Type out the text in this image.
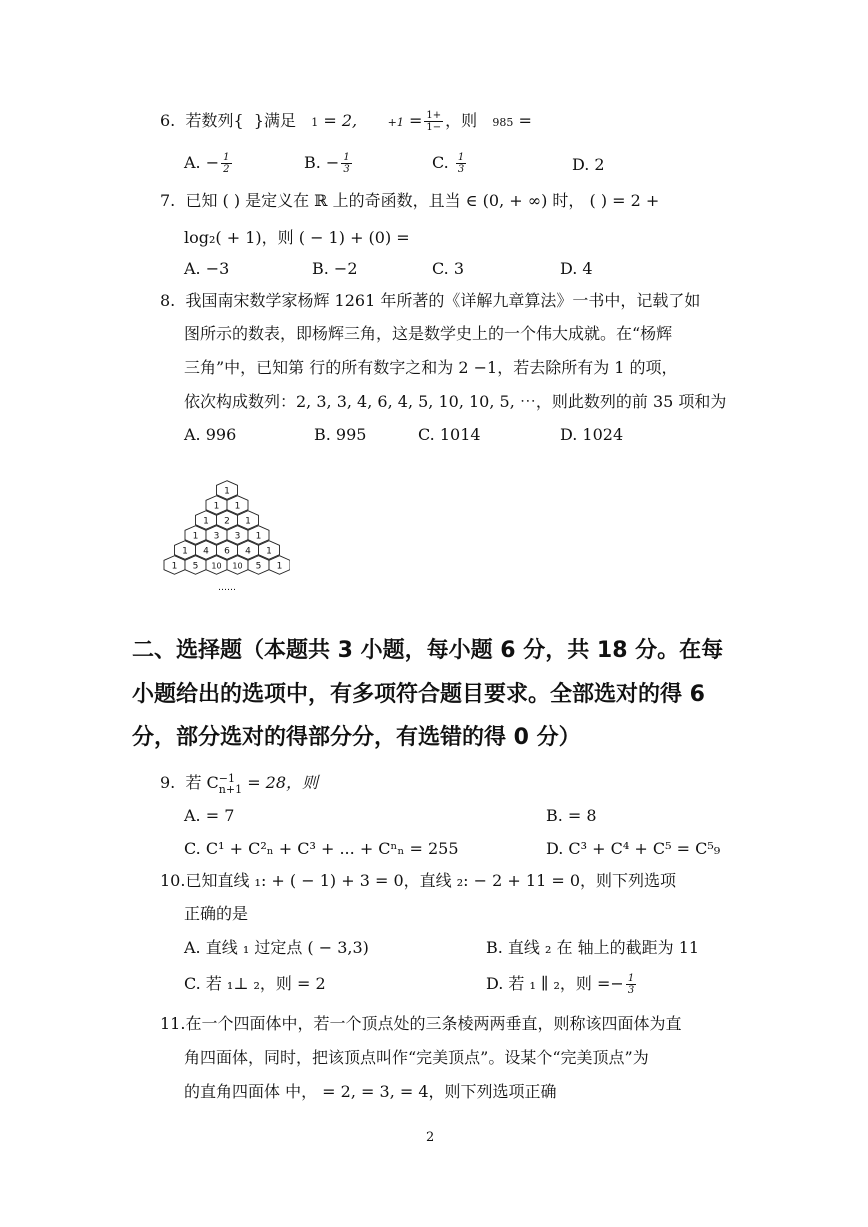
6. 若数列{ }满足 1 = 2,	$+1 = \frac{1+}{1-}$ ，则 985 =
A. − $\frac{1}{2}$	B. − $\frac{1}{3}$	C. $\frac{1}{3}$	D. 2
7. 已知 ( ) 是定义在 ℝ 上的奇函数，且当 ∈ (0, + ∞) 时， ( ) = 2 +
log₂( + 1)，则 ( − 1) + (0) =
A. −3	B. −2	C. 3	D. 4
8. 我国南宋数学家杨辉 1261 年所著的《详解九章算法》一书中，记载了如
图所示的数表，即杨辉三角，这是数学史上的一个伟大成就。在“杨辉
三角”中，已知第 行的所有数字之和为 2 −1，若去除所有为 1 的项，
依次构成数列：2, 3, 3, 4, 6, 4, 5, 10, 10, 5, ⋯，则此数列的前 35 项和为
A. 996	B. 995	C. 1014	D. 1024
1
1 1
1 2 1
1 3 3 1
1 4 6 4 1
1 5 10 10 5 1
……
二、选择题（本题共 3 小题，每小题 6 分，共 18 分。在每
小题给出的选项中，有多项符合题目要求。全部选对的得 6
分，部分选对的得部分分，有选错的得 0 分）
9. 若 C −1
n+1 = 28，则
A. = 7	B. = 8
C. C¹ + C²ₙ + C³ + ... + Cⁿₙ = 255	D. C³ + C⁴ + C⁵ = C⁵₉
10.已知直线 ₁: + ( − 1) + 3 = 0，直线 ₂: − 2 + 11 = 0，则下列选项
正确的是
A. 直线 ₁ 过定点 ( − 3,3)	B. 直线 ₂ 在 轴上的截距为 11
C. 若 ₁⊥ ₂，则 = 2	D. 若 ₁ ∥ ₂，则 =− $\frac{1}{3}$
11.在一个四面体中，若一个顶点处的三条棱两两垂直，则称该四面体为直
角四面体，同时，把该顶点叫作“完美顶点”。设某个“完美顶点”为
的直角四面体 中， = 2, = 3, = 4，则下列选项正确
2
